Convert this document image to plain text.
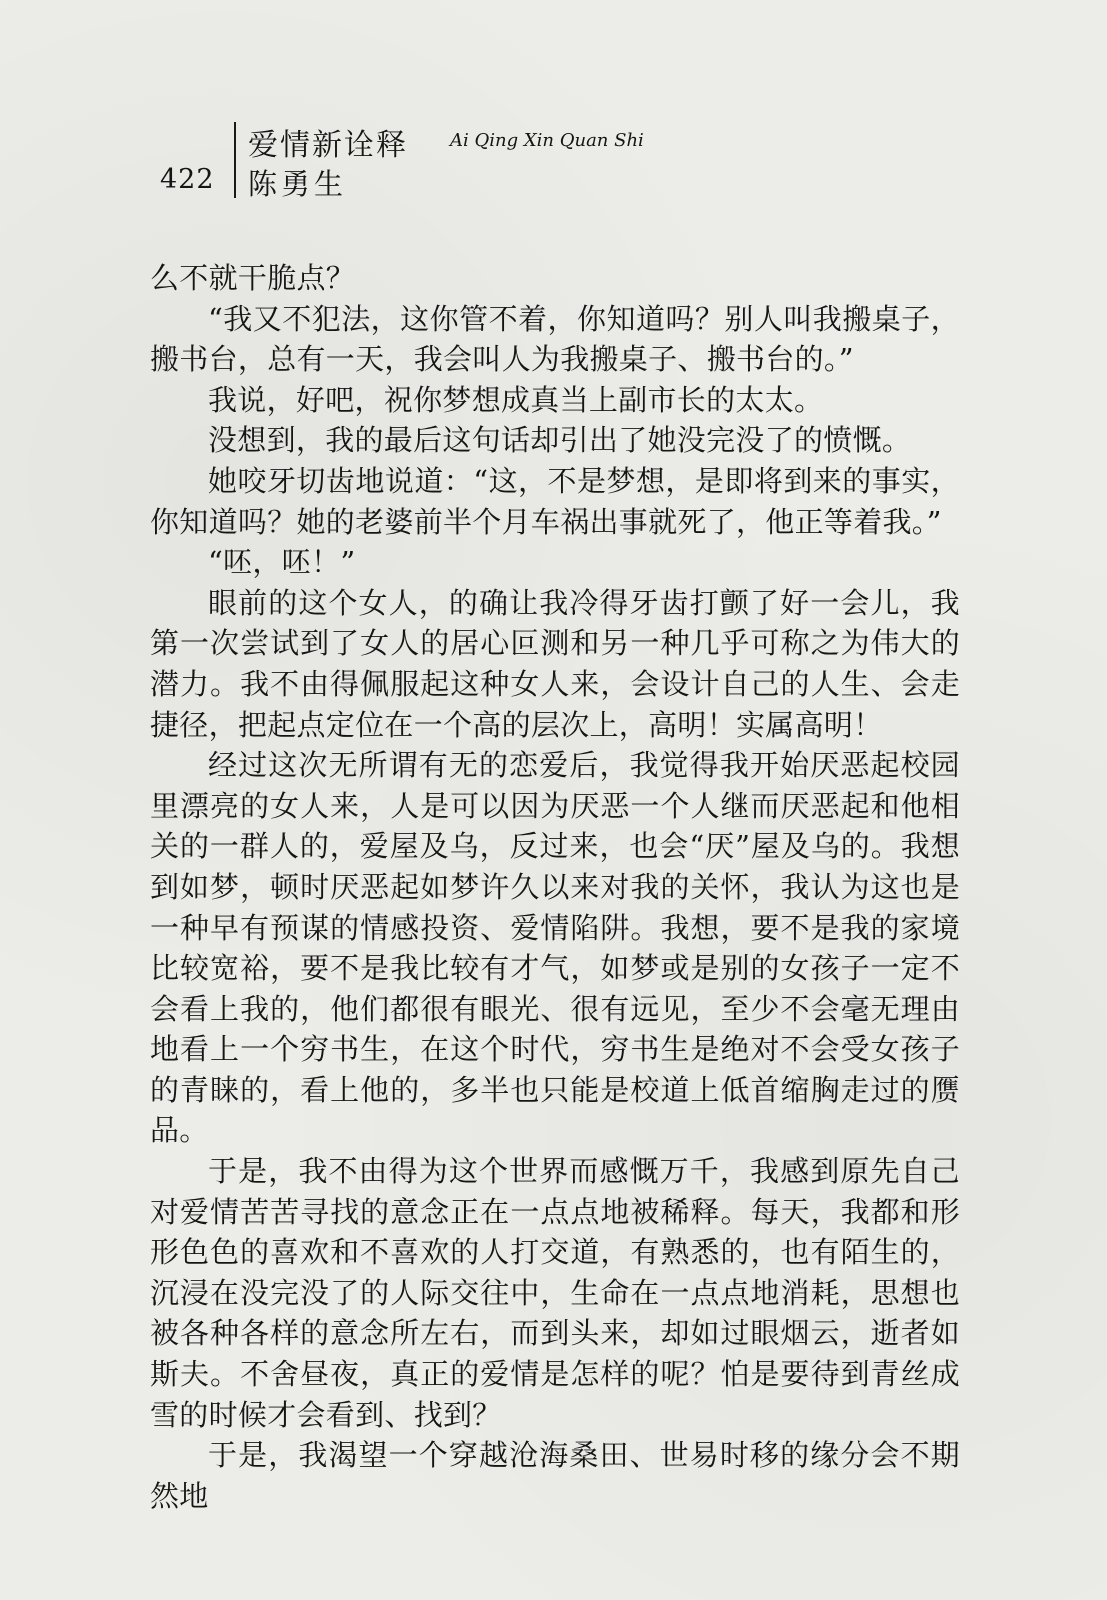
422
爱情新诠释 Ai Qing Xin Quan Shi
陈勇生

么不就干脆点？

“我又不犯法，这你管不着，你知道吗？别人叫我搬桌子，搬书台，总有一天，我会叫人为我搬桌子、搬书台的。”

我说，好吧，祝你梦想成真当上副市长的太太。

没想到，我的最后这句话却引出了她没完没了的愤慨。

她咬牙切齿地说道：“这，不是梦想，是即将到来的事实，你知道吗？她的老婆前半个月车祸出事就死了，他正等着我。”

“呸，呸！”

眼前的这个女人，的确让我冷得牙齿打颤了好一会儿，我第一次尝试到了女人的居心叵测和另一种几乎可称之为伟大的潜力。我不由得佩服起这种女人来，会设计自己的人生、会走捷径，把起点定位在一个高的层次上，高明！实属高明！

经过这次无所谓有无的恋爱后，我觉得我开始厌恶起校园里漂亮的女人来，人是可以因为厌恶一个人继而厌恶起和他相关的一群人的，爱屋及乌，反过来，也会“厌”屋及乌的。我想到如梦，顿时厌恶起如梦许久以来对我的关怀，我认为这也是一种早有预谋的情感投资、爱情陷阱。我想，要不是我的家境比较宽裕，要不是我比较有才气，如梦或是别的女孩子一定不会看上我的，他们都很有眼光、很有远见，至少不会毫无理由地看上一个穷书生，在这个时代，穷书生是绝对不会受女孩子的青睐的，看上他的，多半也只能是校道上低首缩胸走过的赝品。

于是，我不由得为这个世界而感慨万千，我感到原先自己对爱情苦苦寻找的意念正在一点点地被稀释。每天，我都和形形色色的喜欢和不喜欢的人打交道，有熟悉的，也有陌生的，沉浸在没完没了的人际交往中，生命在一点点地消耗，思想也被各种各样的意念所左右，而到头来，却如过眼烟云，逝者如斯夫。不舍昼夜，真正的爱情是怎样的呢？怕是要待到青丝成雪的时候才会看到、找到？

于是，我渴望一个穿越沧海桑田、世易时移的缘分会不期然地
